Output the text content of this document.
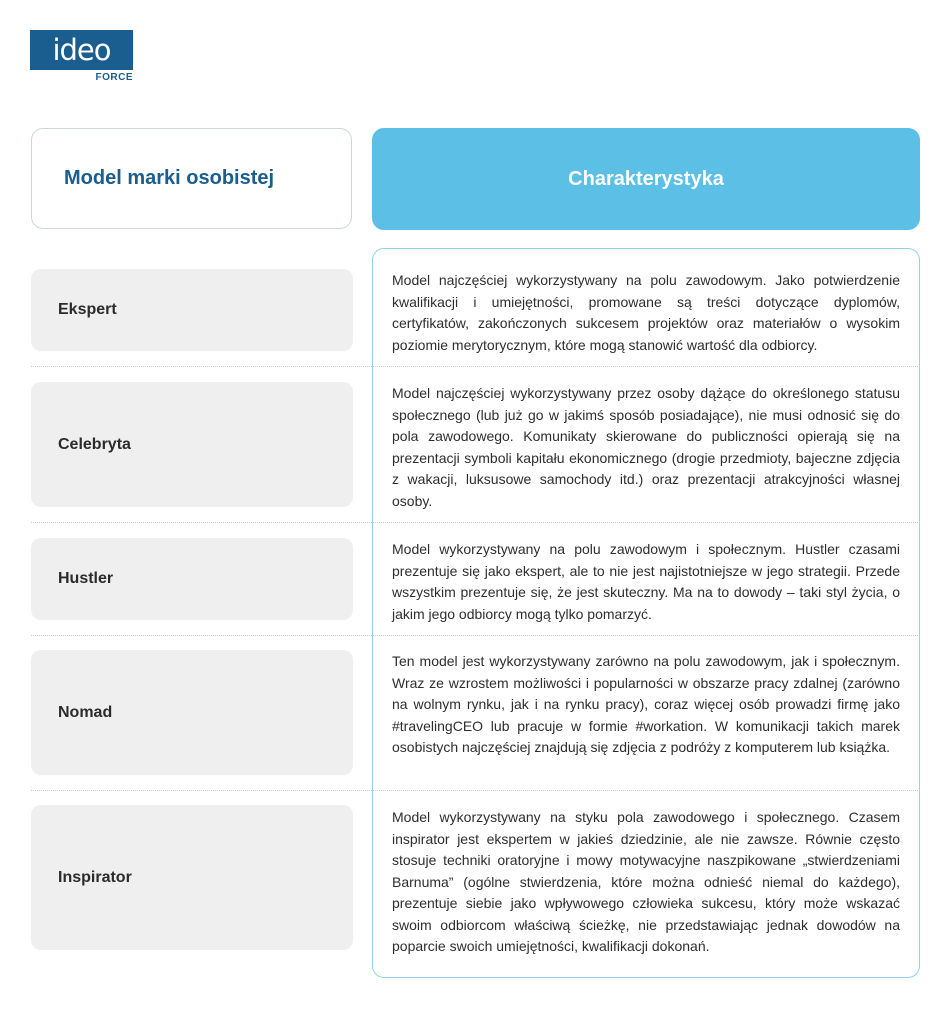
ideo
FORCE
Model marki osobistej	Charakterystyka
Ekspert
Model najczęściej wykorzystywany na polu zawodowym. Jako potwierdzenie kwalifikacji i umiejętności, promowane są treści dotyczące dyplomów, certyfikatów, zakończonych sukcesem projektów oraz materiałów o wysokim poziomie merytorycznym, które mogą stanowić wartość dla odbiorcy.
Celebryta
Model najczęściej wykorzystywany przez osoby dążące do określonego statusu społecznego (lub już go w jakimś sposób posiadające), nie musi odnosić się do pola zawodowego. Komunikaty skierowane do publiczności opierają się na prezentacji symboli kapitału ekonomicznego (drogie przedmioty, bajeczne zdjęcia z wakacji, luksusowe samochody itd.) oraz prezentacji atrakcyjności własnej osoby.
Hustler
Model wykorzystywany na polu zawodowym i społecznym. Hustler czasami prezentuje się jako ekspert, ale to nie jest najistotniejsze w jego strategii. Przede wszystkim prezentuje się, że jest skuteczny. Ma na to dowody – taki styl życia, o jakim jego odbiorcy mogą tylko pomarzyć.
Nomad
Ten model jest wykorzystywany zarówno na polu zawodowym, jak i społecznym. Wraz ze wzrostem możliwości i popularności w obszarze pracy zdalnej (zarówno na wolnym rynku, jak i na rynku pracy), coraz więcej osób prowadzi firmę jako #travelingCEO lub pracuje w formie #workation. W komunikacji takich marek osobistych najczęściej znajdują się zdjęcia z podróży z komputerem lub książka.
Inspirator
Model wykorzystywany na styku pola zawodowego i społecznego. Czasem inspirator jest ekspertem w jakieś dziedzinie, ale nie zawsze. Równie często stosuje techniki oratoryjne i mowy motywacyjne naszpikowane „stwierdzeniami Barnuma” (ogólne stwierdzenia, które można odnieść niemal do każdego), prezentuje siebie jako wpływowego człowieka sukcesu, który może wskazać swoim odbiorcom właściwą ścieżkę, nie przedstawiając jednak dowodów na poparcie swoich umiejętności, kwalifikacji dokonań.
